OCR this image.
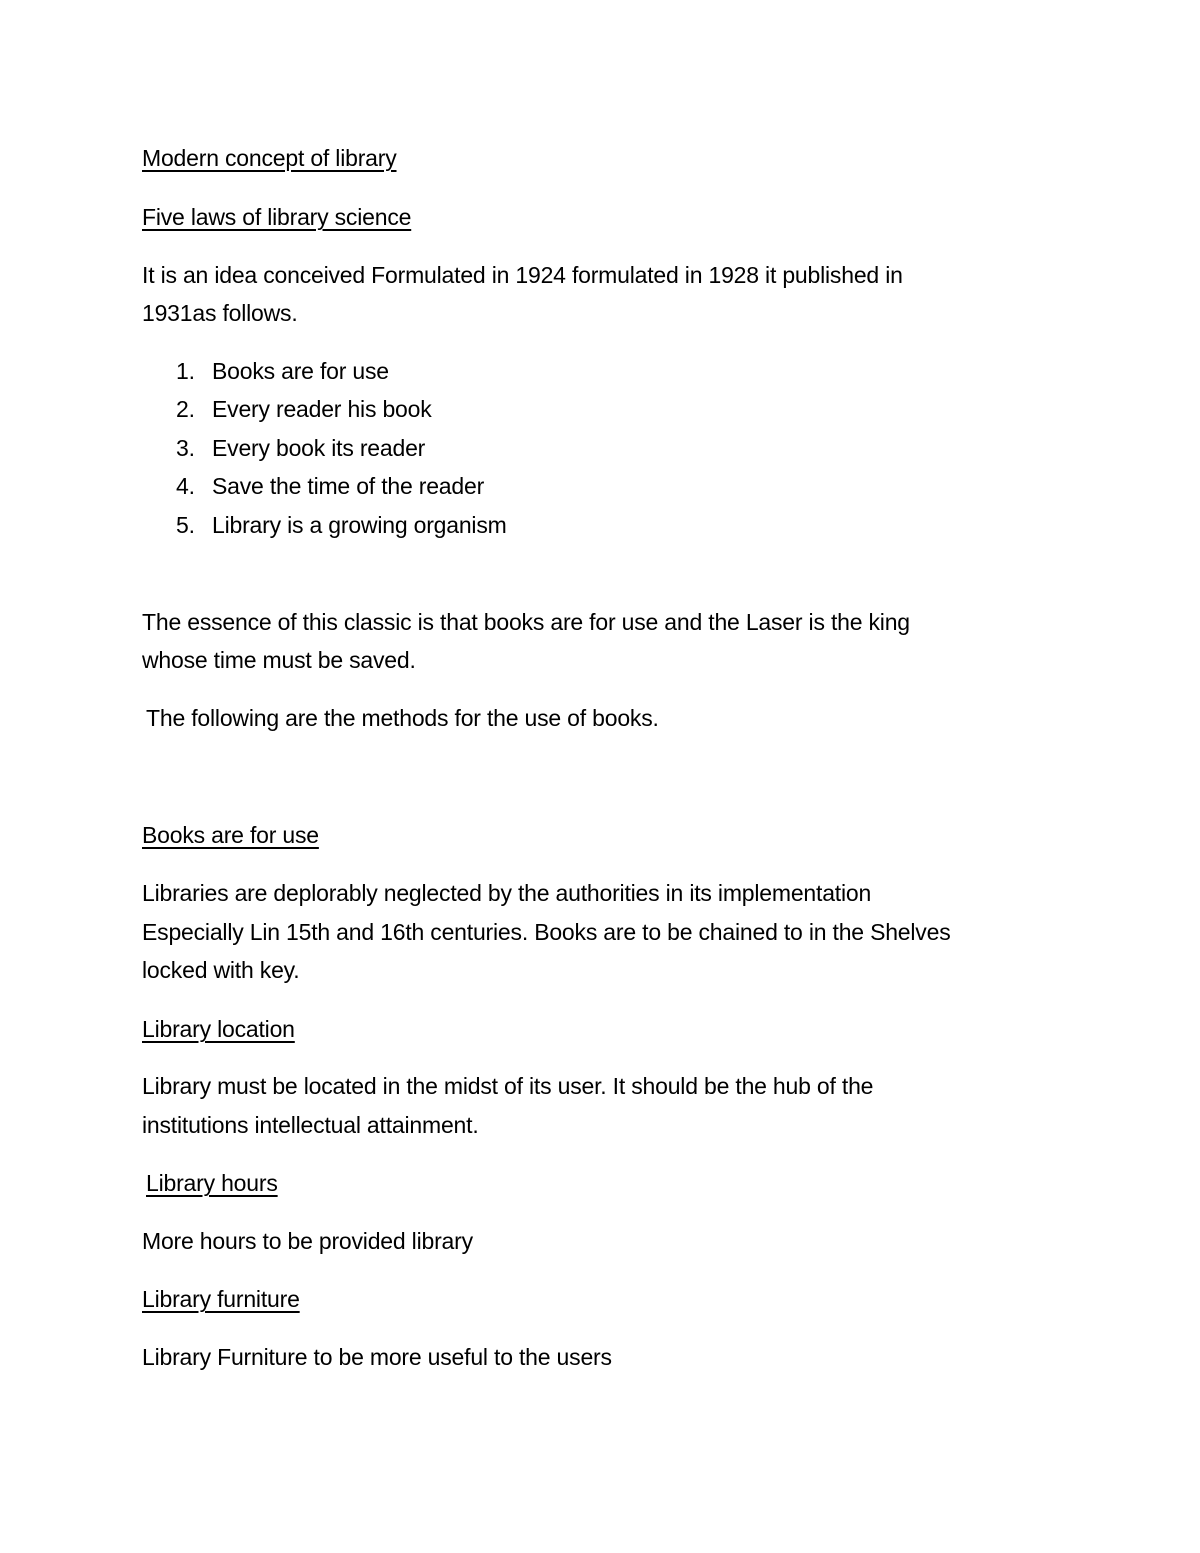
Modern concept of library
Five laws of library science
It is an idea conceived Formulated in 1924 formulated in 1928 it published in
1931as follows.
1. Books are for use
2. Every reader his book
3. Every book its reader
4. Save the time of the reader
5. Library is a growing organism
The essence of this classic is that books are for use and the Laser is the king
whose time must be saved.
The following are the methods for the use of books.
Books are for use
Libraries are deplorably neglected by the authorities in its implementation
Especially Lin 15th and 16th centuries. Books are to be chained to in the Shelves
locked with key.
Library location
Library must be located in the midst of its user. It should be the hub of the
institutions intellectual attainment.
Library hours
More hours to be provided library
Library furniture
Library Furniture to be more useful to the users
